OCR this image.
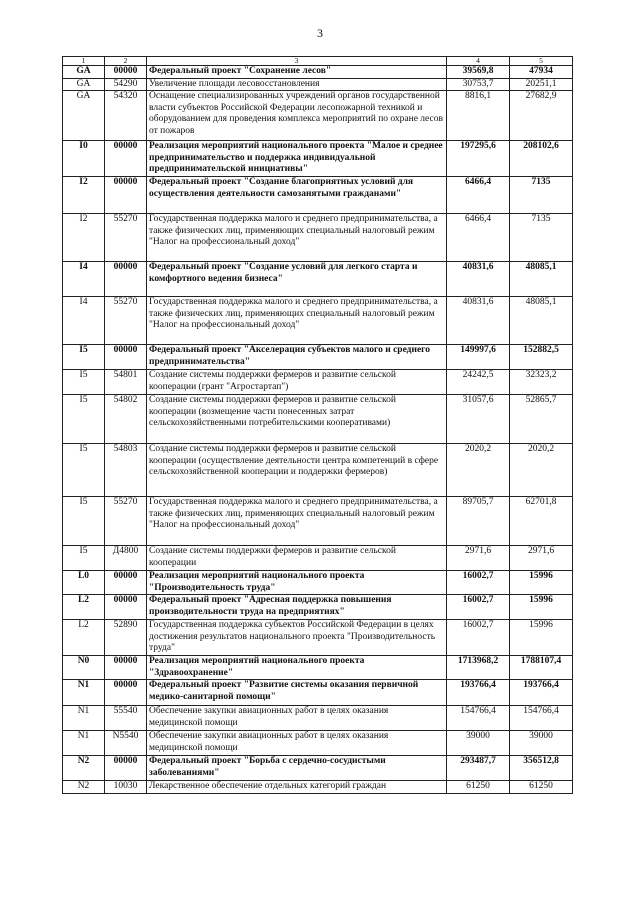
3
1	2	3	4	5
GA	00000	Федеральный проект "Сохранение лесов"	39569,8	47934
GA	54290	Увеличение площади лесовосстановления	30753,7	20251,1
GA	54320	Оснащение специализированных учреждений органов государственной власти субъектов Российской Федерации лесопожарной техникой и оборудованием для проведения комплекса мероприятий по охране лесов от пожаров	8816,1	27682,9
I0	00000	Реализация мероприятий национального проекта "Малое и среднее предпринимательство и поддержка индивидуальной предпринимательской инициативы"	197295,6	208102,6
I2	00000	Федеральный проект "Создание благоприятных условий для осуществления деятельности самозанятыми гражданами"	6466,4	7135
I2	55270	Государственная поддержка малого и среднего предпринимательства, а также физических лиц, применяющих специальный налоговый режим "Налог на профессиональный доход"	6466,4	7135
I4	00000	Федеральный проект "Создание условий для легкого старта и комфортного ведения бизнеса"	40831,6	48085,1
I4	55270	Государственная поддержка малого и среднего предпринимательства, а также физических лиц, применяющих специальный налоговый режим "Налог на профессиональный доход"	40831,6	48085,1
I5	00000	Федеральный проект "Акселерация субъектов малого и среднего предпринимательства"	149997,6	152882,5
I5	54801	Создание системы поддержки фермеров и развитие сельской кооперации (грант "Агростартап")	24242,5	32323,2
I5	54802	Создание системы поддержки фермеров и развитие сельской кооперации (возмещение части понесенных затрат сельскохозяйственными потребительскими кооперативами)	31057,6	52865,7
I5	54803	Создание системы поддержки фермеров и развитие сельской кооперации (осуществление деятельности центра компетенций в сфере сельскохозяйственной кооперации и поддержки фермеров)	2020,2	2020,2
I5	55270	Государственная поддержка малого и среднего предпринимательства, а также физических лиц, применяющих специальный налоговый режим "Налог на профессиональный доход"	89705,7	62701,8
I5	Д4800	Создание системы поддержки фермеров и развитие сельской кооперации	2971,6	2971,6
L0	00000	Реализация мероприятий национального проекта "Производительность труда"	16002,7	15996
L2	00000	Федеральный проект "Адресная поддержка повышения производительности труда на предприятиях"	16002,7	15996
L2	52890	Государственная поддержка субъектов Российской Федерации в целях достижения результатов национального проекта "Производительность труда"	16002,7	15996
N0	00000	Реализация мероприятий национального проекта "Здравоохранение"	1713968,2	1788107,4
N1	00000	Федеральный проект "Развитие системы оказания первичной медико-санитарной помощи"	193766,4	193766,4
N1	55540	Обеспечение закупки авиационных работ в целях оказания медицинской помощи	154766,4	154766,4
N1	N5540	Обеспечение закупки авиационных работ в целях оказания медицинской помощи	39000	39000
N2	00000	Федеральный проект "Борьба с сердечно-сосудистыми заболеваниями"	293487,7	356512,8
N2	10030	Лекарственное обеспечение отдельных категорий граждан	61250	61250
